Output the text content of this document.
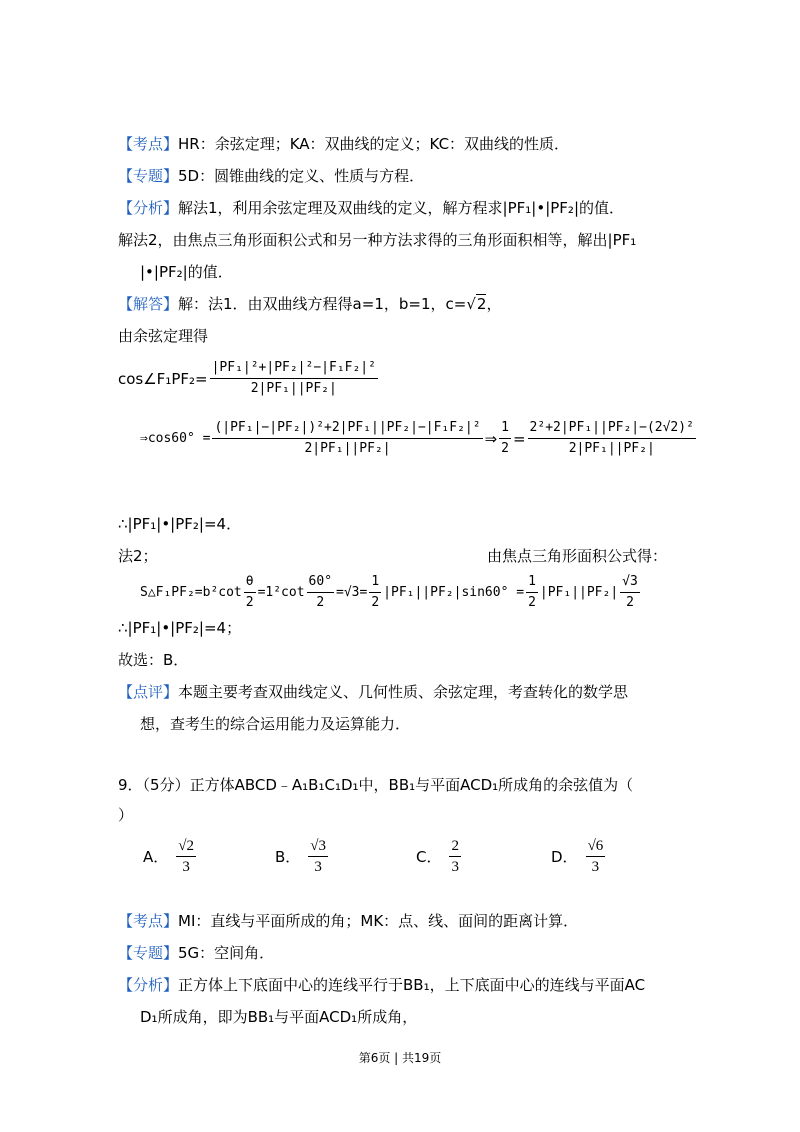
【考点】HR：余弦定理；KA：双曲线的定义；KC：双曲线的性质．
【专题】5D：圆锥曲线的定义、性质与方程．
【分析】解法1，利用余弦定理及双曲线的定义，解方程求|PF₁|•|PF₂|的值．
解法2，由焦点三角形面积公式和另一种方法求得的三角形面积相等，解出|PF₁
|•|PF₂|的值．
【解答】解：法1．由双曲线方程得a=1，b=1，c=√2，
由余弦定理得
cos∠F₁PF₂= $\frac{\text{|PF₁|²+|PF₂|²−|F₁F₂|²}}{\text{2|PF₁||PF₂|}}$
⇒cos60° = $\frac{\text{(|PF₁|−|PF₂|)²+2|PF₁||PF₂|−|F₁F₂|²}}{\text{2|PF₁||PF₂|}}$ ⇒ $\frac{1}{2} = \frac{\text{2²+2|PF₁||PF₂|−(2√2)²}}{\text{2|PF₁||PF₂|}}$
∴|PF₁|•|PF₂|=4．
法2；	由焦点三角形面积公式得：
S△F₁PF₂=b²cot $\frac{\theta}{2} =1^2\cot \frac{60^\circ}{2} =√3= \frac{1}{2} |PF_1||PF_2|\sin 60^\circ = \frac{1}{2} |PF_1||PF_2| \frac{√3}{2}$
∴|PF₁|•|PF₂|=4；
故选：B．
【点评】本题主要考查双曲线定义、几何性质、余弦定理，考查转化的数学思
想，查考生的综合运用能力及运算能力．
9．（5分）正方体ABCD﹣A₁B₁C₁D₁中，BB₁与平面ACD₁所成角的余弦值为（
）
A． $\frac{√2}{3}$	B． $\frac{√3}{3}$	C． $\frac{2}{3}$	D． $\frac{√6}{3}$
【考点】MI：直线与平面所成的角；MK：点、线、面间的距离计算．
【专题】5G：空间角．
【分析】正方体上下底面中心的连线平行于BB₁，上下底面中心的连线与平面AC
D₁所成角，即为BB₁与平面ACD₁所成角，
第6页 | 共19页
